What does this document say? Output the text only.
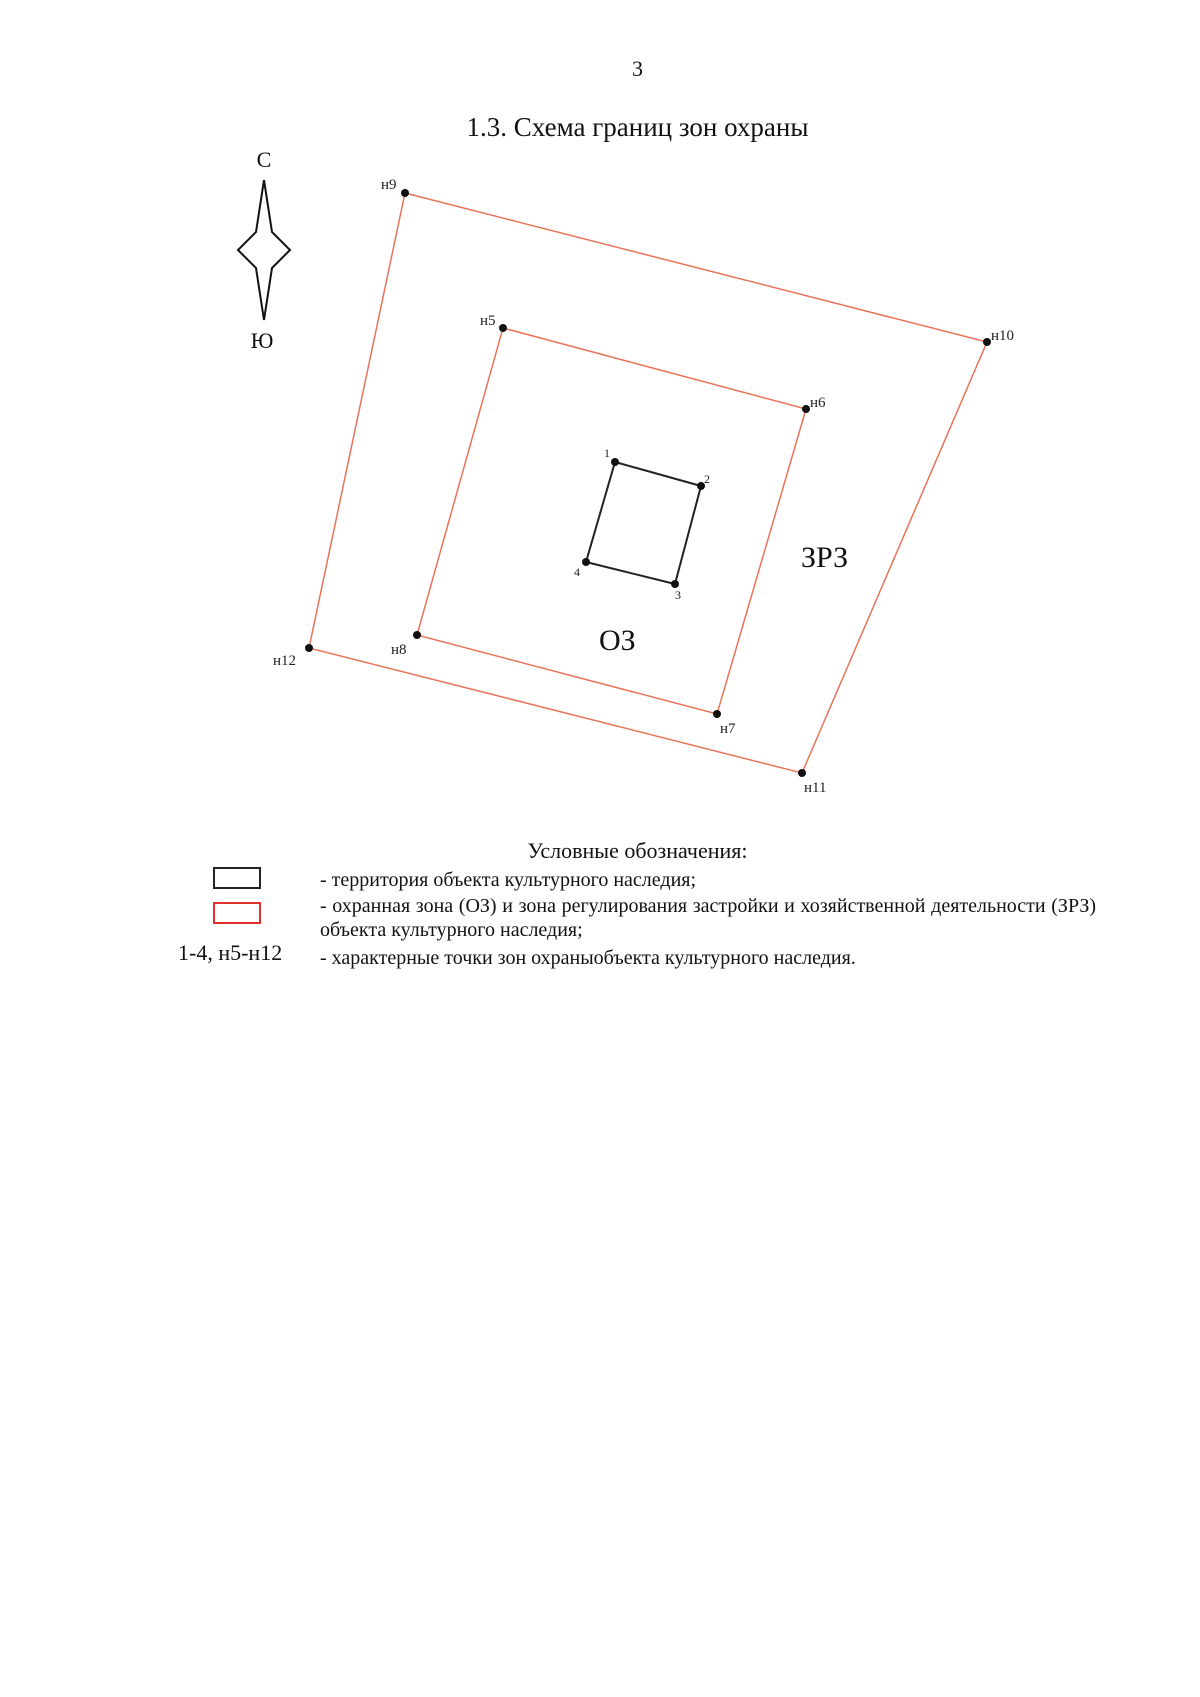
3
1.3. Схема границ зон охраны
С
Ю
н9
н10
н11
н12
н5
н6
н7
н8
1
2
3
4	ЗРЗ
ОЗ
Условные обозначения:
- территория объекта культурного наследия;
- охранная зона (ОЗ) и зона регулирования застройки и хозяйственной деятельности (ЗРЗ) объекта культурного наследия;
1-4, н5-н12 - характерные точки зон охраныобъекта культурного наследия.
